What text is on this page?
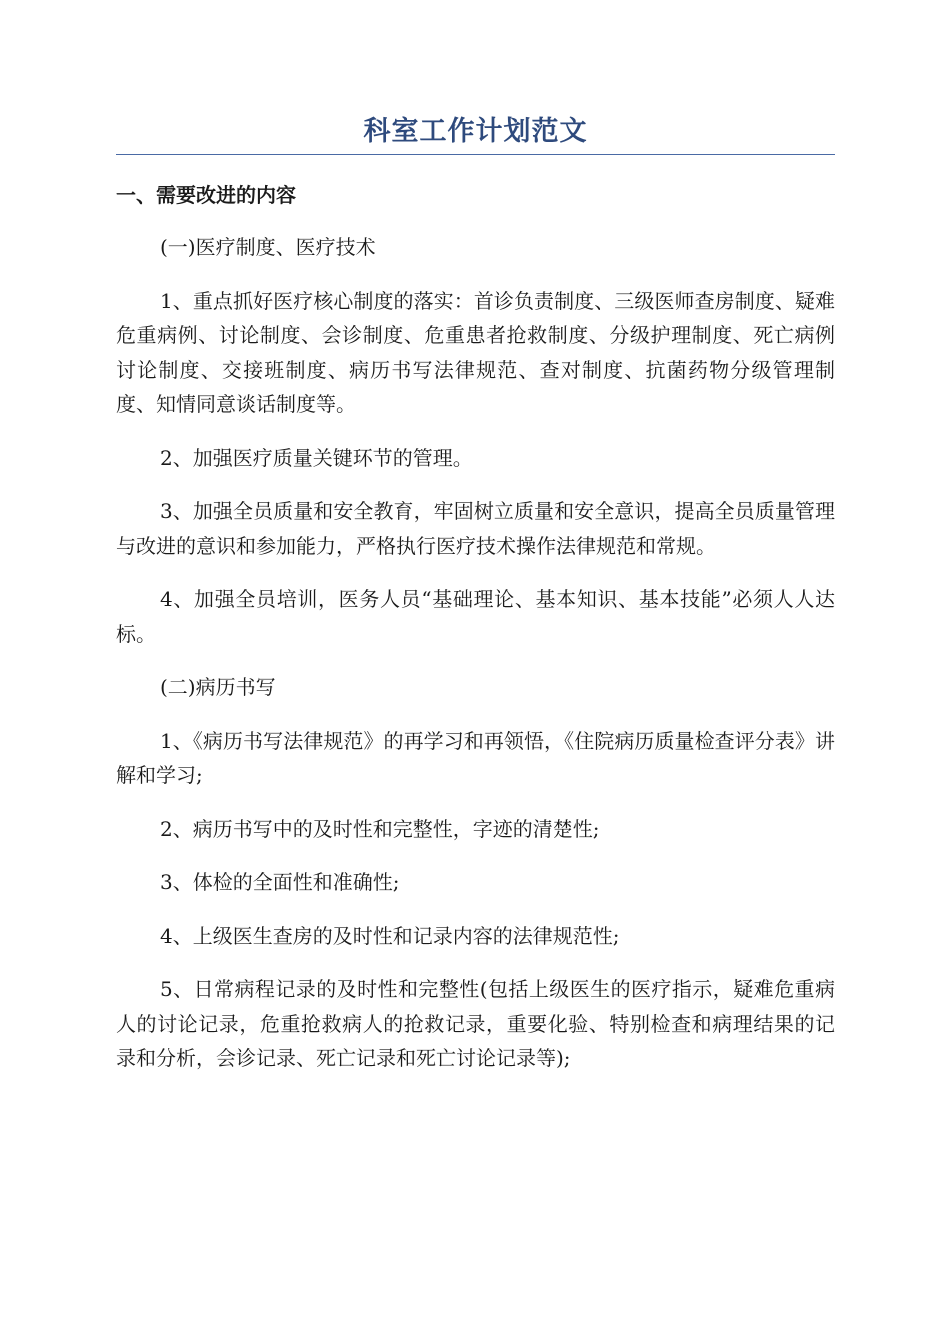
科室工作计划范文
一、需要改进的内容

(一)医疗制度、医疗技术

1、重点抓好医疗核心制度的落实：首诊负责制度、三级医师查房制度、疑难危重病例、讨论制度、会诊制度、危重患者抢救制度、分级护理制度、死亡病例讨论制度、交接班制度、病历书写法律规范、查对制度、抗菌药物分级管理制度、知情同意谈话制度等。

2、加强医疗质量关键环节的管理。

3、加强全员质量和安全教育，牢固树立质量和安全意识，提高全员质量管理与改进的意识和参加能力，严格执行医疗技术操作法律规范和常规。

4、加强全员培训，医务人员“基础理论、基本知识、基本技能”必须人人达标。

(二)病历书写

1、《病历书写法律规范》的再学习和再领悟，《住院病历质量检查评分表》讲解和学习;

2、病历书写中的及时性和完整性，字迹的清楚性;

3、体检的全面性和准确性;

4、上级医生查房的及时性和记录内容的法律规范性;

5、日常病程记录的及时性和完整性(包括上级医生的医疗指示，疑难危重病人的讨论记录，危重抢救病人的抢救记录，重要化验、特别检查和病理结果的记录和分析，会诊记录、死亡记录和死亡讨论记录等);
